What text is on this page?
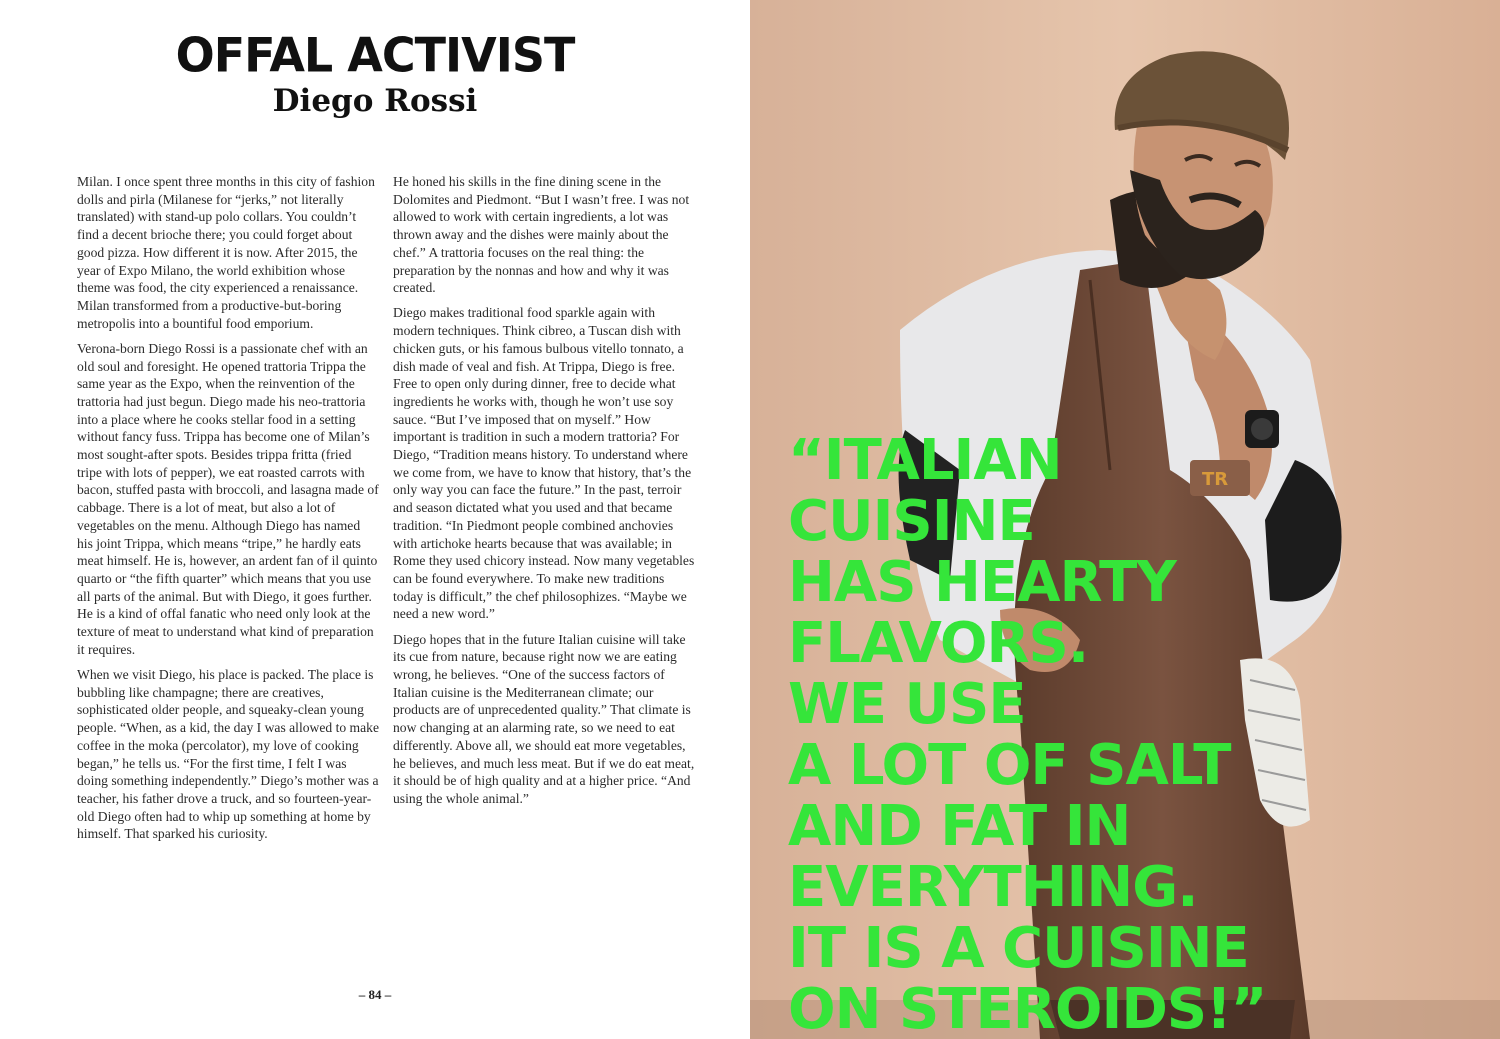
OFFAL ACTIVIST
Diego Rossi

Milan. I once spent three months in this city of fashion dolls and pirla (Milanese for “jerks,” not literally translated) with stand-up polo collars. You couldn’t find a decent brioche there; you could forget about good pizza. How different it is now. After 2015, the year of Expo Milano, the world exhibition whose theme was food, the city experienced a renaissance. Milan transformed from a productive-but-boring metropolis into a bountiful food emporium.

Verona-born Diego Rossi is a passionate chef with an old soul and foresight. He opened trattoria Trippa the same year as the Expo, when the reinvention of the trattoria had just begun. Diego made his neo-trattoria into a place where he cooks stellar food in a setting without fancy fuss. Trippa has become one of Milan’s most sought-after spots. Besides trippa fritta (fried tripe with lots of pepper), we eat roasted carrots with bacon, stuffed pasta with broccoli, and lasagna made of cabbage. There is a lot of meat, but also a lot of vegetables on the menu. Although Diego has named his joint Trippa, which means “tripe,” he hardly eats meat himself. He is, however, an ardent fan of il quinto quarto or “the fifth quarter” which means that you use all parts of the animal. But with Diego, it goes further. He is a kind of offal fanatic who need only look at the texture of meat to understand what kind of preparation it requires.

When we visit Diego, his place is packed. The place is bubbling like champagne; there are creatives, sophisticated older people, and squeaky-clean young people. “When, as a kid, the day I was allowed to make coffee in the moka (percolator), my love of cooking began,” he tells us. “For the first time, I felt I was doing something independently.” Diego’s mother was a teacher, his father drove a truck, and so fourteen-year-old Diego often had to whip up something at home by himself. That sparked his curiosity.

He honed his skills in the fine dining scene in the Dolomites and Piedmont. “But I wasn’t free. I was not allowed to work with certain ingredients, a lot was thrown away and the dishes were mainly about the chef.” A trattoria focuses on the real thing: the preparation by the nonnas and how and why it was created.

Diego makes traditional food sparkle again with modern techniques. Think cibreo, a Tuscan dish with chicken guts, or his famous bulbous vitello tonnato, a dish made of veal and fish. At Trippa, Diego is free. Free to open only during dinner, free to decide what ingredients he works with, though he won’t use soy sauce. “But I’ve imposed that on myself.” How important is tradition in such a modern trattoria? For Diego, “Tradition means history. To understand where we come from, we have to know that history, that’s the only way you can face the future.” In the past, terroir and season dictated what you used and that became tradition. “In Piedmont people combined anchovies with artichoke hearts because that was available; in Rome they used chicory instead. Now many vegetables can be found everywhere. To make new traditions today is difficult,” the chef philosophizes. “Maybe we need a new word.”

Diego hopes that in the future Italian cuisine will take its cue from nature, because right now we are eating wrong, he believes. “One of the success factors of Italian cuisine is the Mediterranean climate; our products are of unprecedented quality.” That climate is now changing at an alarming rate, so we need to eat differently. Above all, we should eat more vegetables, he believes, and much less meat. But if we do eat meat, it should be of high quality and at a higher price. “And using the whole animal.”

– 84 –
TR
“ITALIAN
CUISINE
HAS HEARTY
FLAVORS.
WE USE
A LOT OF SALT
AND FAT IN
EVERYTHING.
IT IS A CUISINE
ON STEROIDS!”
